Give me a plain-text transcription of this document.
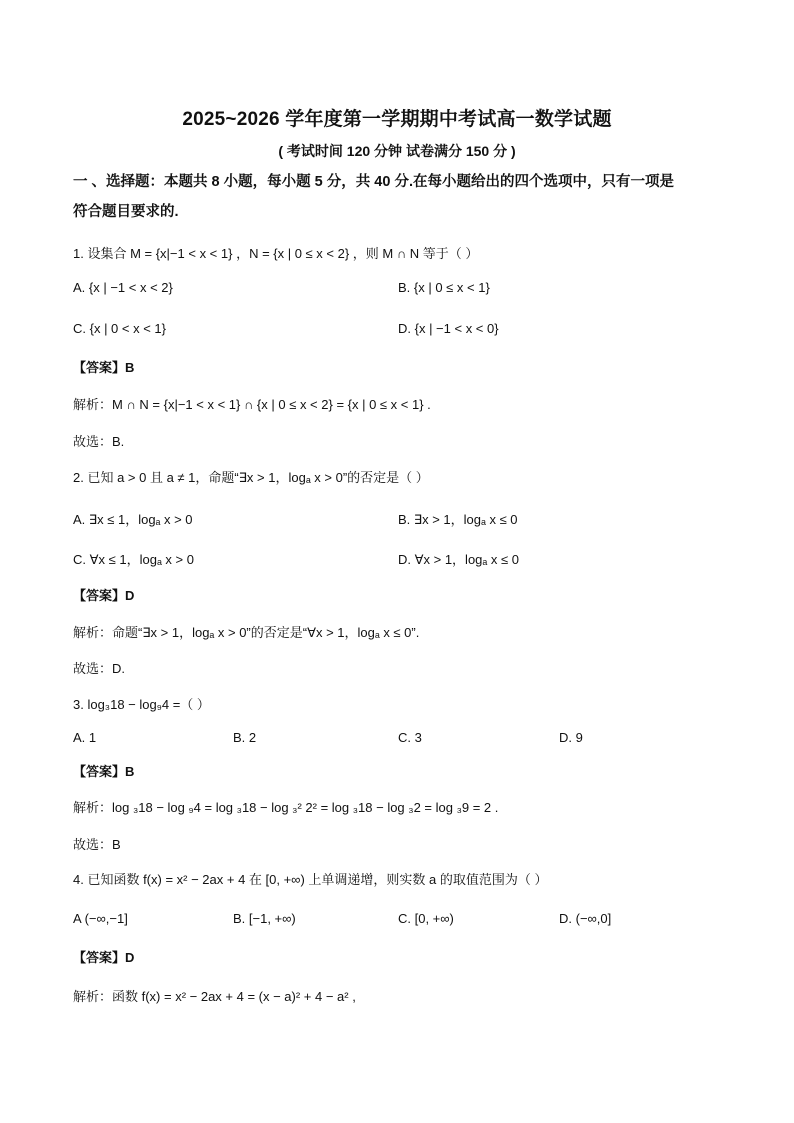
2025~2026 学年度第一学期期中考试高一数学试题
( 考试时间 120 分钟 试卷满分 150 分 )
一 、选择题：本题共 8 小题，每小题 5 分，共 40 分.在每小题给出的四个选项中，只有一项是
符合题目要求的.
1. 设集合 M = {x|−1 < x < 1} ，N = {x | 0 ≤ x < 2} ，则 M ∩ N 等于（ ）
A. {x | −1 < x < 2}	B. {x | 0 ≤ x < 1}
C. {x | 0 < x < 1}	D. {x | −1 < x < 0}
【答案】B
解析：M ∩ N = {x|−1 < x < 1} ∩ {x | 0 ≤ x < 2} = {x | 0 ≤ x < 1} .
故选：B.
2. 已知 a > 0 且 a ≠ 1，命题“∃x > 1，logₐ x > 0”的否定是（ ）
A. ∃x ≤ 1，logₐ x > 0	B. ∃x > 1，logₐ x ≤ 0
C. ∀x ≤ 1，logₐ x > 0	D. ∀x > 1，logₐ x ≤ 0
【答案】D
解析：命题“∃x > 1，logₐ x > 0”的否定是“∀x > 1，logₐ x ≤ 0”.
故选：D.
3. log₃18 − log₉4 =（ ）
A. 1	B. 2	C. 3	D. 9
【答案】B
解析：log ₃18 − log ₉4 = log ₃18 − log ₃² 2² = log ₃18 − log ₃2 = log ₃9 = 2 .
故选：B
4. 已知函数 f(x) = x² − 2ax + 4 在 [0, +∞) 上单调递增，则实数 a 的取值范围为（ ）
A (−∞,−1]	B. [−1, +∞)	C. [0, +∞)	D. (−∞,0]
【答案】D
解析：函数 f(x) = x² − 2ax + 4 = (x − a)² + 4 − a² ,
